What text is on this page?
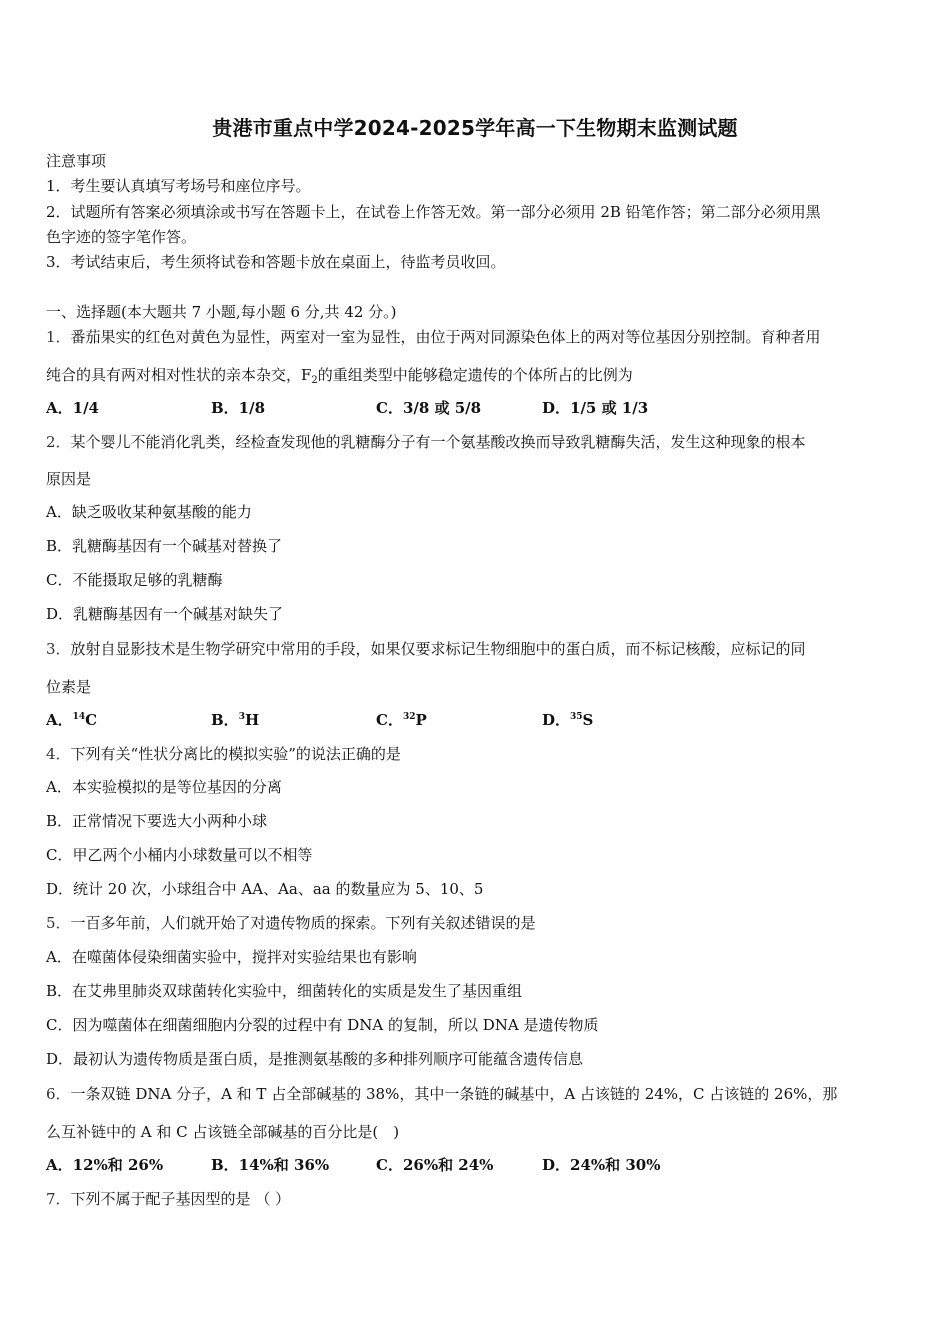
贵港市重点中学2024-2025学年高一下生物期末监测试题
注意事项
1．考生要认真填写考场号和座位序号。
2．试题所有答案必须填涂或书写在答题卡上，在试卷上作答无效。第一部分必须用 2B 铅笔作答；第二部分必须用黑
色字迹的签字笔作答。
3．考试结束后，考生须将试卷和答题卡放在桌面上，待监考员收回。
一、选择题(本大题共 7 小题,每小题 6 分,共 42 分。)
1．番茄果实的红色对黄色为显性，两室对一室为显性，由位于两对同源染色体上的两对等位基因分别控制。育种者用
纯合的具有两对相对性状的亲本杂交，$F_2$的重组类型中能够稳定遗传的个体所占的比例为
A．1/4	B．1/8	C．3/8 或 5/8	D．1/5 或 1/3
2．某个婴儿不能消化乳类，经检查发现他的乳糖酶分子有一个氨基酸改换而导致乳糖酶失活，发生这种现象的根本
原因是
A．缺乏吸收某种氨基酸的能力
B．乳糖酶基因有一个碱基对替换了
C．不能摄取足够的乳糖酶
D．乳糖酶基因有一个碱基对缺失了
3．放射自显影技术是生物学研究中常用的手段，如果仅要求标记生物细胞中的蛋白质，而不标记核酸，应标记的同
位素是
A．$^{14}$C	B．$^3$H	C．$^{32}$P	D．$^{35}$S
4．下列有关“性状分离比的模拟实验”的说法正确的是
A．本实验模拟的是等位基因的分离
B．正常情况下要选大小两种小球
C．甲乙两个小桶内小球数量可以不相等
D．统计 20 次，小球组合中 AA、Aa、aa 的数量应为 5、10、5
5．一百多年前，人们就开始了对遗传物质的探索。下列有关叙述错误的是
A．在噬菌体侵染细菌实验中，搅拌对实验结果也有影响
B．在艾弗里肺炎双球菌转化实验中，细菌转化的实质是发生了基因重组
C．因为噬菌体在细菌细胞内分裂的过程中有 DNA 的复制，所以 DNA 是遗传物质
D．最初认为遗传物质是蛋白质，是推测氨基酸的多种排列顺序可能蕴含遗传信息
6．一条双链 DNA 分子，A 和 T 占全部碱基的 38%，其中一条链的碱基中，A 占该链的 24%，C 占该链的 26%，那
么互补链中的 A 和 C 占该链全部碱基的百分比是(　)
A．12%和 26%	B．14%和 36%	C．26%和 24%	D．24%和 30%
7．下列不属于配子基因型的是 （ ）
